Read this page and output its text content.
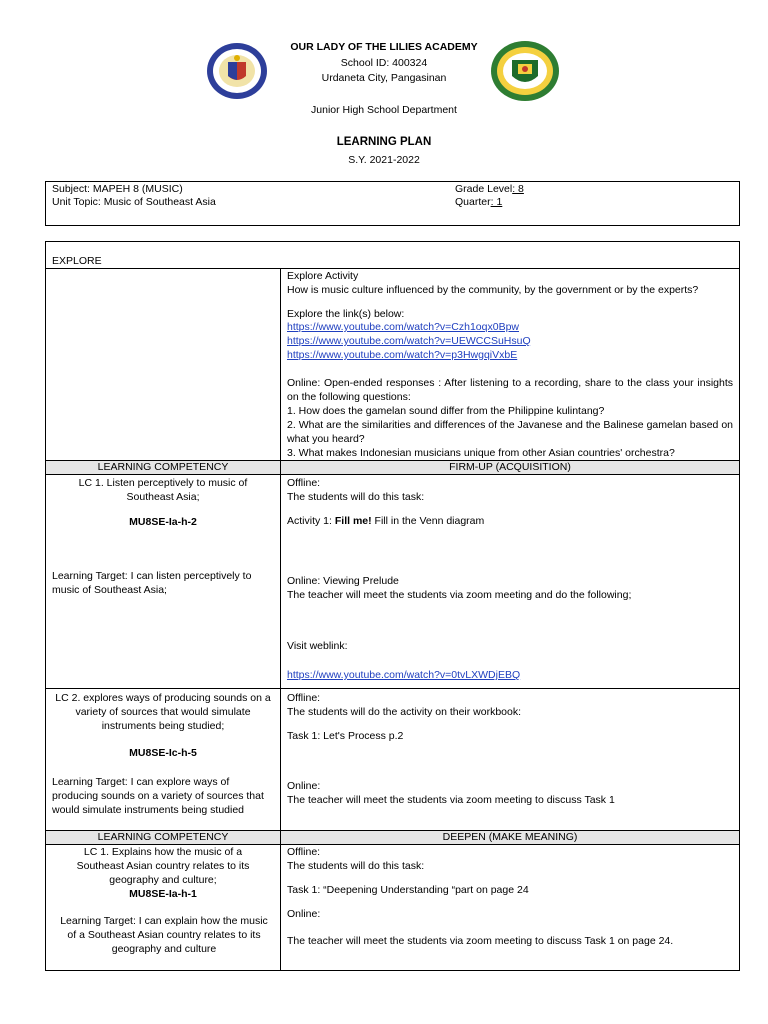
OUR LADY OF THE LILIES ACADEMY
School ID: 400324
Urdaneta City, Pangasinan
Junior High School Department
LEARNING PLAN
S.Y. 2021-2022
Subject: MAPEH 8 (MUSIC)
Unit Topic: Music of Southeast Asia
Grade Level: 8
Quarter: 1
EXPLORE
Explore Activity
How is music culture influenced by the community, by the government or by the experts?
Explore the link(s) below:
https://www.youtube.com/watch?v=Czh1oqx0Bpw
https://www.youtube.com/watch?v=UEWCCSuHsuQ
https://www.youtube.com/watch?v=p3HwgqiVxbE
Online: Open-ended responses : After listening to a recording, share to the class your insights on the following questions:
1. How does the gamelan sound differ from the Philippine kulintang?
2. What are the similarities and differences of the Javanese and the Balinese gamelan based on what you heard?
3. What makes Indonesian musicians unique from other Asian countries' orchestra?
LEARNING COMPETENCY	FIRM-UP (ACQUISITION)
LC 1. Listen perceptively to music of Southeast Asia;
MU8SE-Ia-h-2
Learning Target: I can listen perceptively to music of Southeast Asia;
Offline:
The students will do this task:
Activity 1: Fill me! Fill in the Venn diagram
Online: Viewing Prelude
The teacher will meet the students via zoom meeting and do the following;
Visit weblink:
https://www.youtube.com/watch?v=0tvLXWDjEBQ
LC 2. explores ways of producing sounds on a variety of sources that would simulate instruments being studied;
MU8SE-Ic-h-5
Learning Target: I can explore ways of producing sounds on a variety of sources that would simulate instruments being studied
Offline:
The students will do the activity on their workbook:
Task 1: Let's Process p.2
Online:
The teacher will meet the students via zoom meeting to discuss Task 1
LEARNING COMPETENCY	DEEPEN (MAKE MEANING)
LC 1. Explains how the music of a Southeast Asian country relates to its geography and culture;
MU8SE-Ia-h-1
Learning Target: I can explain how the music of a Southeast Asian country relates to its geography and culture
Offline:
The students will do this task:
Task 1: “Deepening Understanding “part on page 24
Online:
The teacher will meet the students via zoom meeting to discuss Task 1 on page 24.
